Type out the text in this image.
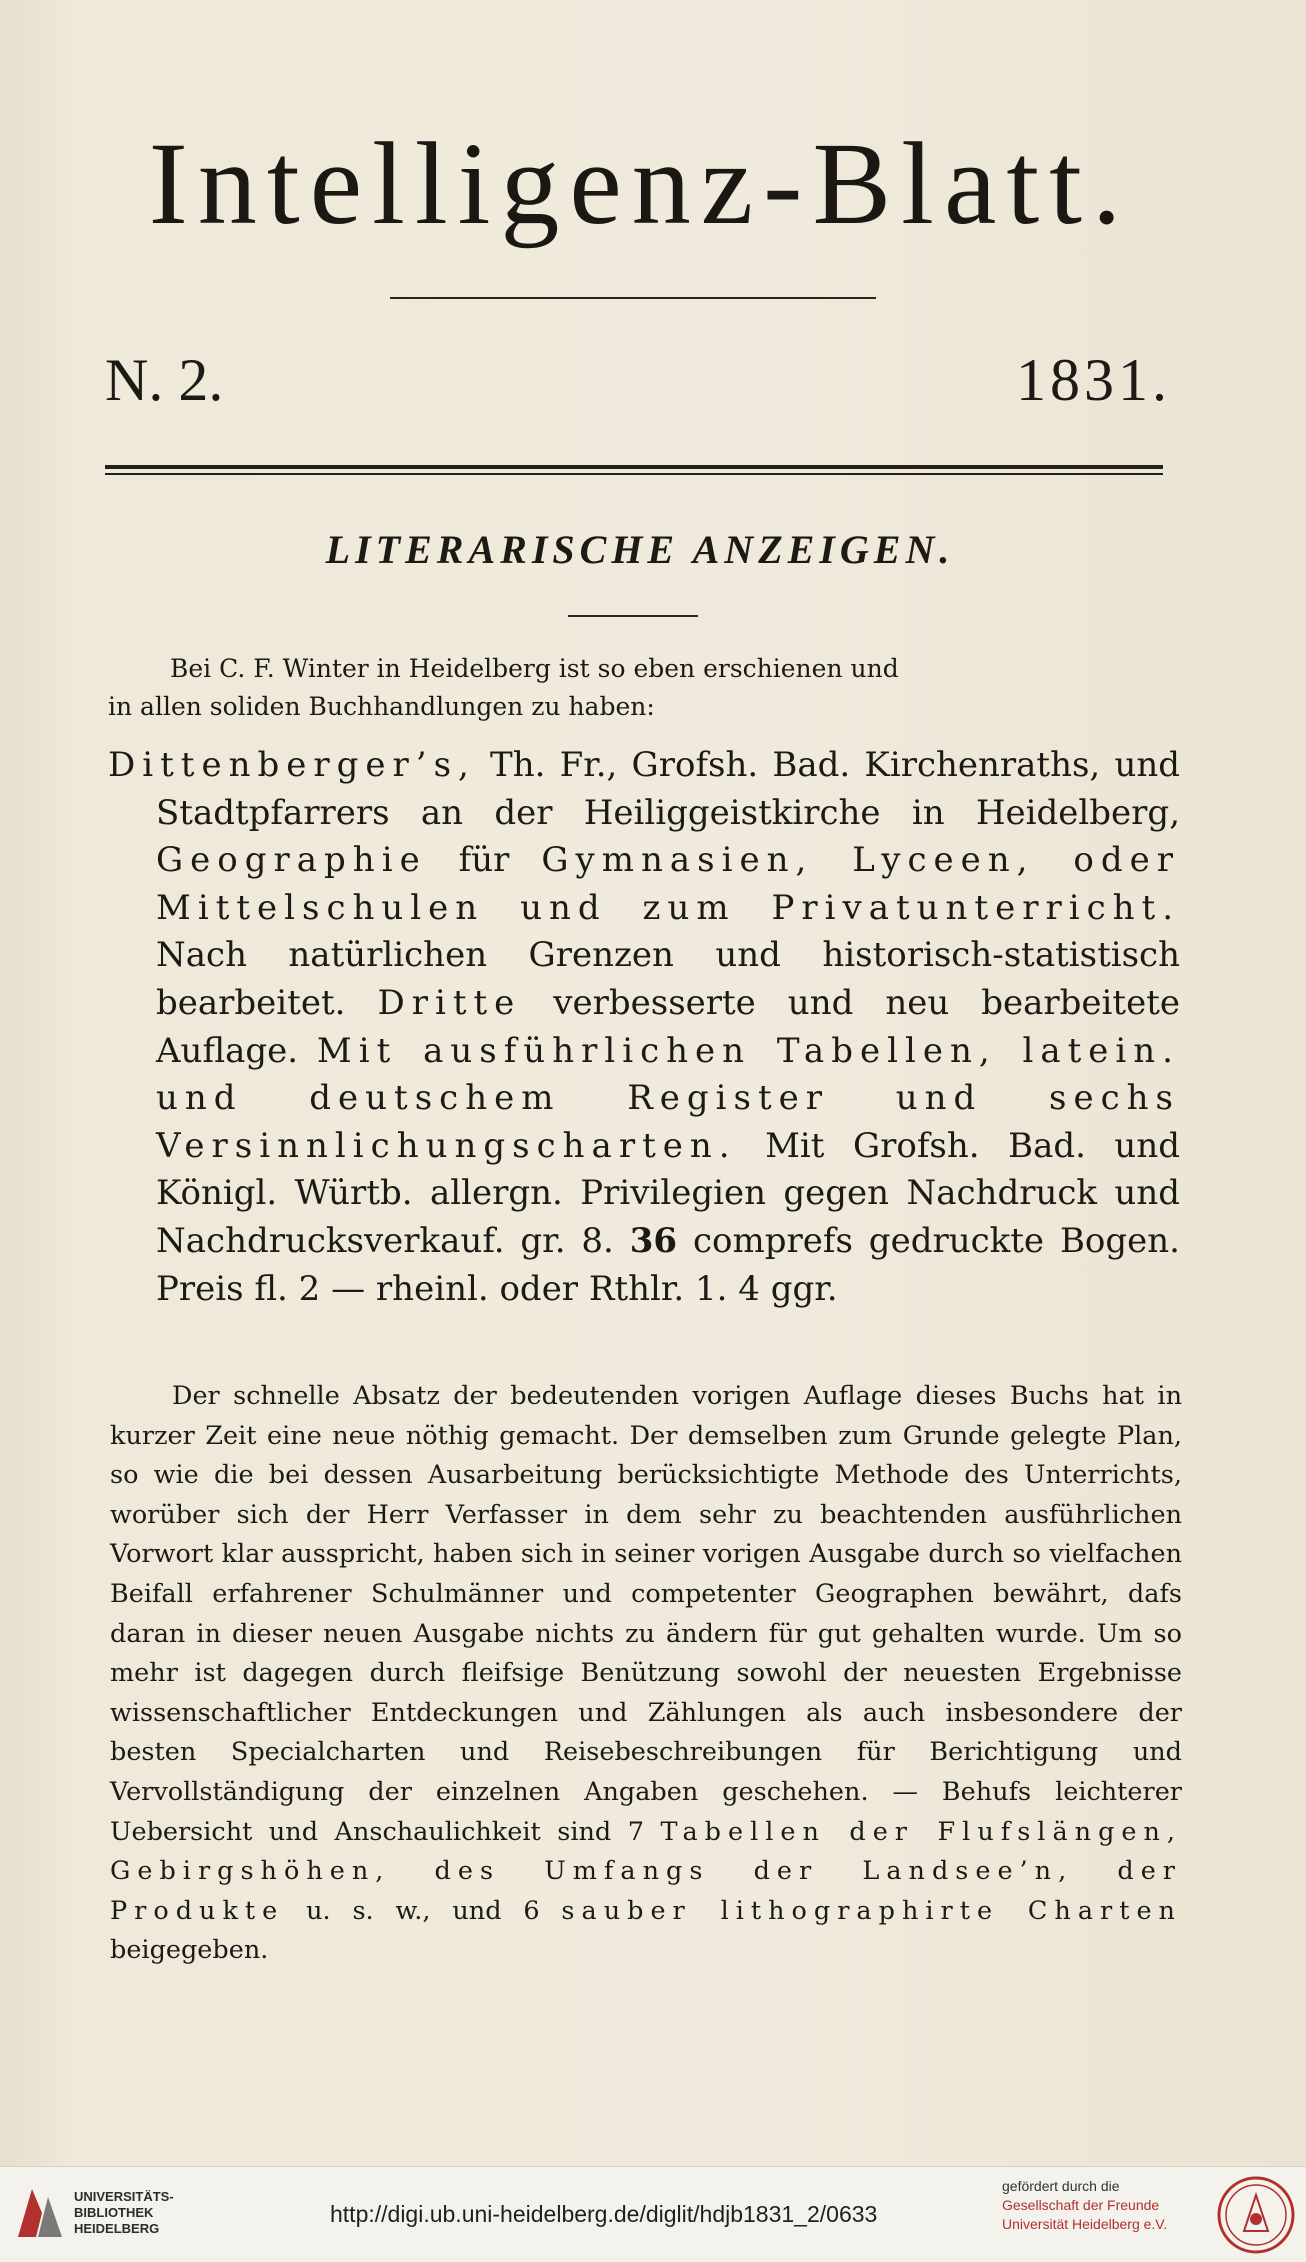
Intelligenz-Blatt.
N. 2.	1831.
LITERARISCHE ANZEIGEN.

Bei C. F. Winter in Heidelberg ist so eben erschienen und

in allen soliden Buchhandlungen zu haben:

Dittenberger’s, Th. Fr., Grofsh. Bad. Kirchenraths, und Stadtpfarrers an der Heiliggeistkirche in Heidelberg, Geographie für Gymnasien, Lyceen, oder Mittelschulen und zum Privatunterricht. Nach natürlichen Grenzen und historisch-statistisch bearbeitet. Dritte verbesserte und neu bearbeitete Auflage. Mit ausführlichen Tabellen, latein. und deutschem Register und sechs Versinnlichungscharten. Mit Grofsh. Bad. und Königl. Würtb. allergn. Privilegien gegen Nachdruck und Nachdrucksverkauf. gr. 8. 36 comprefs gedruckte Bogen. Preis fl. 2 — rheinl. oder Rthlr. 1. 4 ggr.

Der schnelle Absatz der bedeutenden vorigen Auflage dieses Buchs hat in kurzer Zeit eine neue nöthig gemacht. Der demselben zum Grunde gelegte Plan, so wie die bei dessen Ausarbeitung berücksichtigte Methode des Unterrichts, worüber sich der Herr Verfasser in dem sehr zu beachtenden ausführlichen Vorwort klar ausspricht, haben sich in seiner vorigen Ausgabe durch so vielfachen Beifall erfahrener Schulmänner und competenter Geographen bewährt, dafs daran in dieser neuen Ausgabe nichts zu ändern für gut gehalten wurde. Um so mehr ist dagegen durch fleifsige Benützung sowohl der neuesten Ergebnisse wissenschaftlicher Entdeckungen und Zählungen als auch insbesondere der besten Specialcharten und Reisebeschreibungen für Berichtigung und Vervollständigung der einzelnen Angaben geschehen. — Behufs leichterer Uebersicht und Anschaulichkeit sind 7 Tabellen der Flufslängen, Gebirgshöhen, des Umfangs der Landsee’n, der Produkte u. s. w., und 6 sauber lithographirte Charten beigegeben.

UNIVERSITÄTS-
BIBLIOTHEK
HEIDELBERG
http://digi.ub.uni-heidelberg.de/diglit/hdjb1831_2/0633
gefördert durch die
Gesellschaft der Freunde
Universität Heidelberg e.V.
